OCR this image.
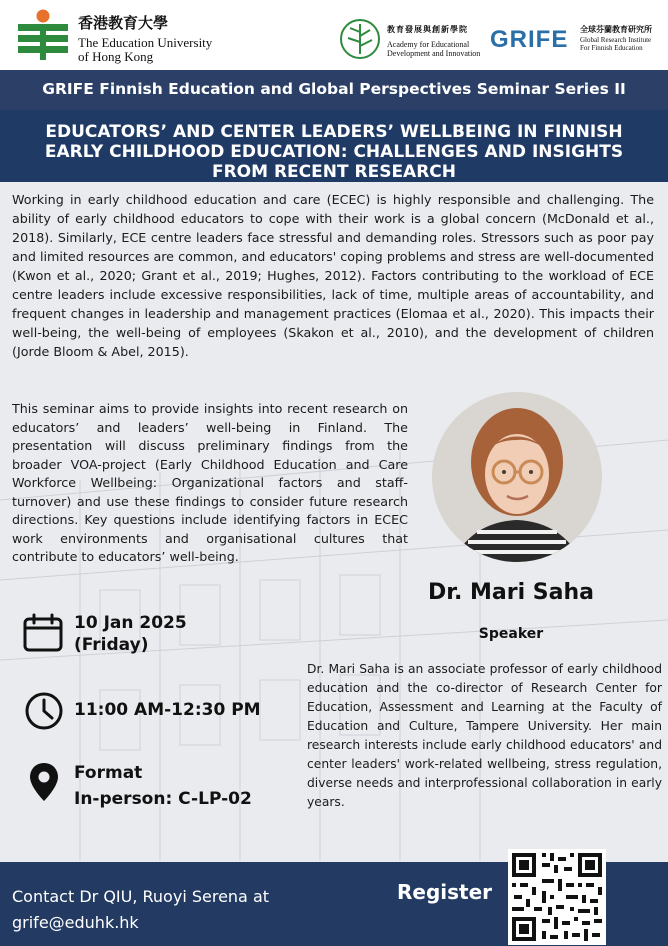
香港教育大學
The Education University
of Hong Kong
教育發展與創新學院
Academy for Educational
Development and Innovation
GRIFE 全球芬蘭教育研究所
Global Research Institute
For Finnish Education
GRIFE Finnish Education and Global Perspectives Seminar Series II
EDUCATORS’ AND CENTER LEADERS’ WELLBEING IN FINNISH
EARLY CHILDHOOD EDUCATION: CHALLENGES AND INSIGHTS
FROM RECENT RESEARCH
Working in early childhood education and care (ECEC) is highly responsible and challenging. The ability of early childhood educators to cope with their work is a global concern (McDonald et al., 2018). Similarly, ECE centre leaders face stressful and demanding roles. Stressors such as poor pay and limited resources are common, and educators' coping problems and stress are well-documented (Kwon et al., 2020; Grant et al., 2019; Hughes, 2012). Factors contributing to the workload of ECE centre leaders include excessive responsibilities, lack of time, multiple areas of accountability, and frequent changes in leadership and management practices (Elomaa et al., 2020). This impacts their well-being, the well-being of employees (Skakon et al., 2010), and the development of children (Jorde Bloom & Abel, 2015).
This seminar aims to provide insights into recent research on educators’ and leaders’ well-being in Finland. The presentation will discuss preliminary findings from the broader VOA-project (Early Childhood Education and Care Workforce Wellbeing: Organizational factors and staff-turnover) and use these findings to consider future research directions. Key questions include identifying factors in ECEC work environments and organisational cultures that contribute to educators’ well-being.
Dr. Mari Saha
Speaker
Dr. Mari Saha is an associate professor of early childhood education and the co-director of Research Center for Education, Assessment and Learning at the Faculty of Education and Culture, Tampere University. Her main research interests include early childhood educators' and center leaders' work-related wellbeing, stress regulation, diverse needs and interprofessional collaboration in early years.
10 Jan 2025
(Friday)
11:00 AM-12:30 PM
Format
In-person: C-LP-02
Contact Dr QIU, Ruoyi Serena at
grife@eduhk.hk
Register
